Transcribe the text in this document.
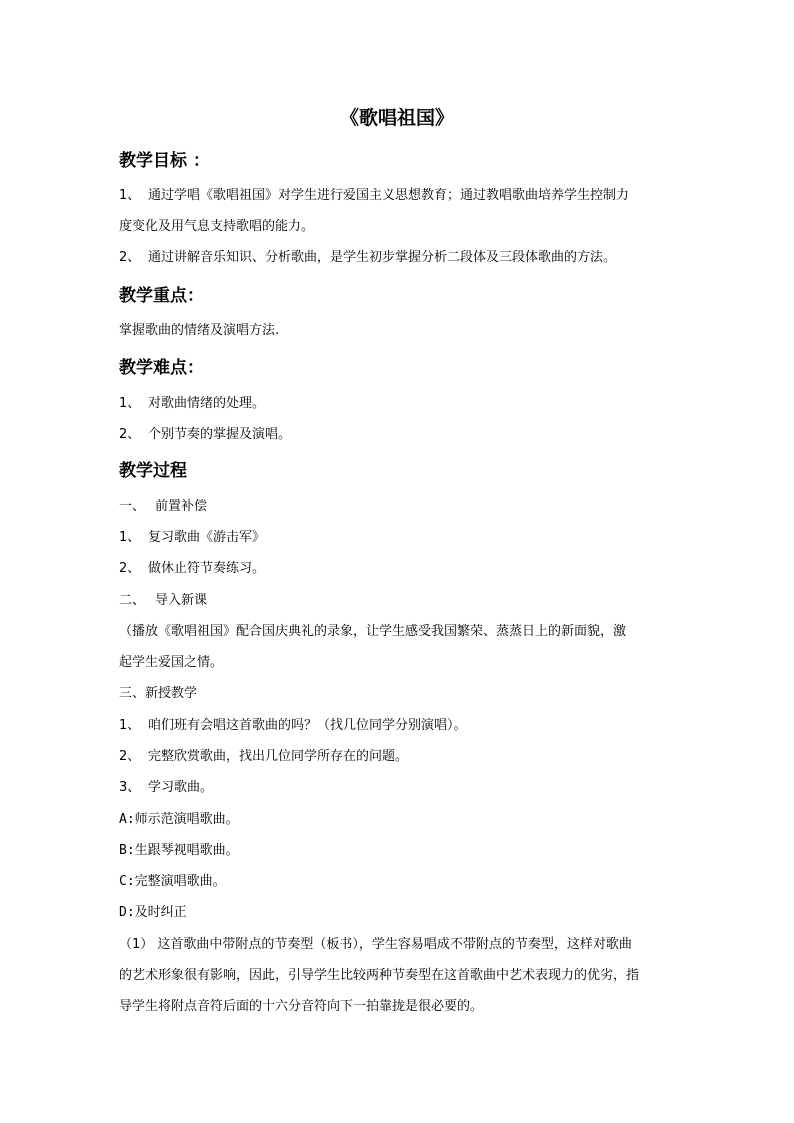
《歌唱祖国》
教学目标 ：
1、 通过学唱《歌唱祖国》对学生进行爱国主义思想教育；通过教唱歌曲培养学生控制力
度变化及用气息支持歌唱的能力。
2、 通过讲解音乐知识、分析歌曲，是学生初步掌握分析二段体及三段体歌曲的方法。
教学重点：
掌握歌曲的情绪及演唱方法.
教学难点：
1、 对歌曲情绪的处理。
2、 个别节奏的掌握及演唱。
教学过程
一、 前置补偿
1、 复习歌曲《游击军》
2、 做休止符节奏练习。
二、 导入新课
（播放《歌唱祖国》配合国庆典礼的录象，让学生感受我国繁荣、蒸蒸日上的新面貌，激
起学生爱国之情。
三、新授教学
1、 咱们班有会唱这首歌曲的吗？（找几位同学分别演唱）。
2、 完整欣赏歌曲，找出几位同学所存在的问题。
3、 学习歌曲。
A:师示范演唱歌曲。
B:生跟琴视唱歌曲。
C:完整演唱歌曲。
D:及时纠正
（1） 这首歌曲中带附点的节奏型（板书），学生容易唱成不带附点的节奏型，这样对歌曲
的艺术形象很有影响，因此，引导学生比较两种节奏型在这首歌曲中艺术表现力的优劣，指
导学生将附点音符后面的十六分音符向下一拍靠拢是很必要的。
